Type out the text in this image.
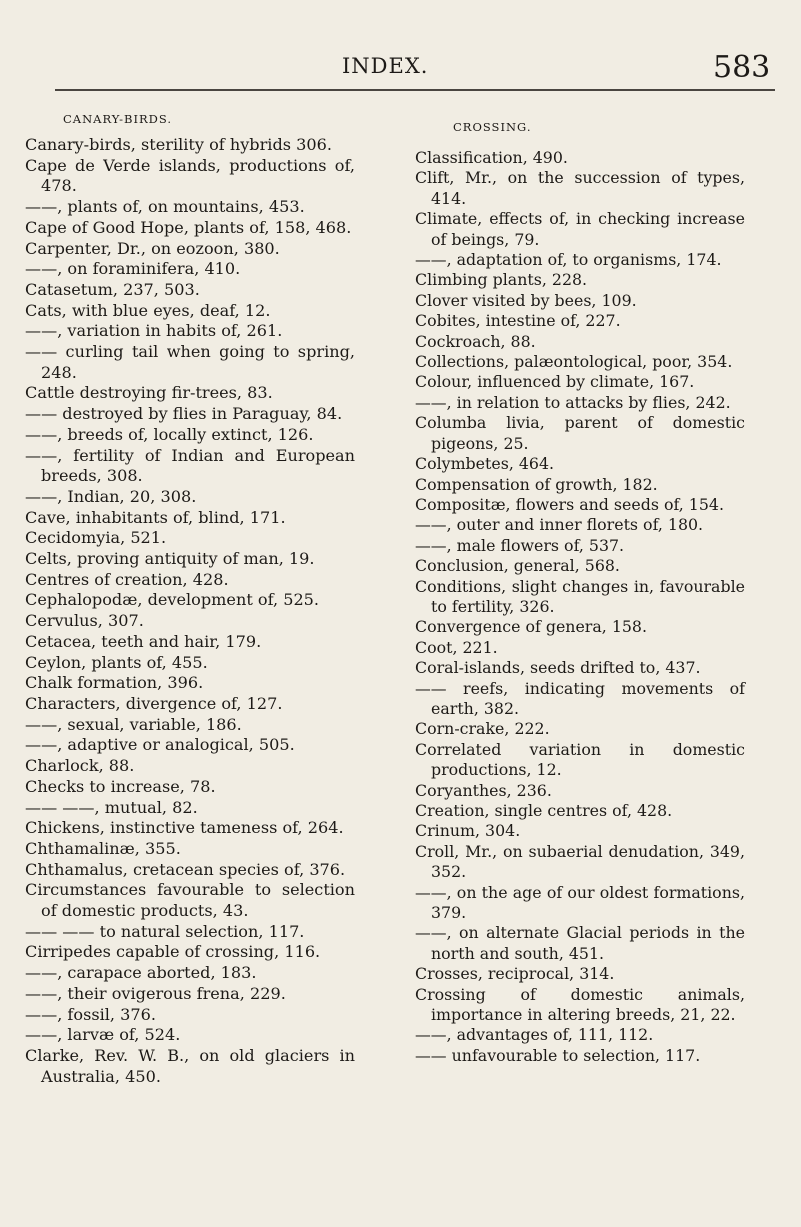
INDEX.	583
CANARY-BIRDS.
Canary-birds, sterility of hybrids 306.
Cape de Verde islands, productions of, 478.
——, plants of, on mountains, 453.
Cape of Good Hope, plants of, 158, 468.
Carpenter, Dr., on eozoon, 380.
——, on foraminifera, 410.
Catasetum, 237, 503.
Cats, with blue eyes, deaf, 12.
——, variation in habits of, 261.
—— curling tail when going to spring, 248.
Cattle destroying fir-trees, 83.
—— destroyed by flies in Paraguay, 84.
——, breeds of, locally extinct, 126.
——, fertility of Indian and European breeds, 308.
——, Indian, 20, 308.
Cave, inhabitants of, blind, 171.
Cecidomyia, 521.
Celts, proving antiquity of man, 19.
Centres of creation, 428.
Cephalopodæ, development of, 525.
Cervulus, 307.
Cetacea, teeth and hair, 179.
Ceylon, plants of, 455.
Chalk formation, 396.
Characters, divergence of, 127.
——, sexual, variable, 186.
——, adaptive or analogical, 505.
Charlock, 88.
Checks to increase, 78.
—— ——, mutual, 82.
Chickens, instinctive tameness of, 264.
Chthamalinæ, 355.
Chthamalus, cretacean species of, 376.
Circumstances favourable to selection of domestic products, 43.
—— —— to natural selection, 117.
Cirripedes capable of crossing, 116.
——, carapace aborted, 183.
——, their ovigerous frena, 229.
——, fossil, 376.
——, larvæ of, 524.
Clarke, Rev. W. B., on old glaciers in Australia, 450.
CROSSING.
Classification, 490.
Clift, Mr., on the succession of types, 414.
Climate, effects of, in checking increase of beings, 79.
——, adaptation of, to organisms, 174.
Climbing plants, 228.
Clover visited by bees, 109.
Cobites, intestine of, 227.
Cockroach, 88.
Collections, palæontological, poor, 354.
Colour, influenced by climate, 167.
——, in relation to attacks by flies, 242.
Columba livia, parent of domestic pigeons, 25.
Colymbetes, 464.
Compensation of growth, 182.
Compositæ, flowers and seeds of, 154.
——, outer and inner florets of, 180.
——, male flowers of, 537.
Conclusion, general, 568.
Conditions, slight changes in, favourable to fertility, 326.
Convergence of genera, 158.
Coot, 221.
Coral-islands, seeds drifted to, 437.
—— reefs, indicating movements of earth, 382.
Corn-crake, 222.
Correlated variation in domestic productions, 12.
Coryanthes, 236.
Creation, single centres of, 428.
Crinum, 304.
Croll, Mr., on subaerial denudation, 349, 352.
——, on the age of our oldest formations, 379.
——, on alternate Glacial periods in the north and south, 451.
Crosses, reciprocal, 314.
Crossing of domestic animals, importance in altering breeds, 21, 22.
——, advantages of, 111, 112.
—— unfavourable to selection, 117.
